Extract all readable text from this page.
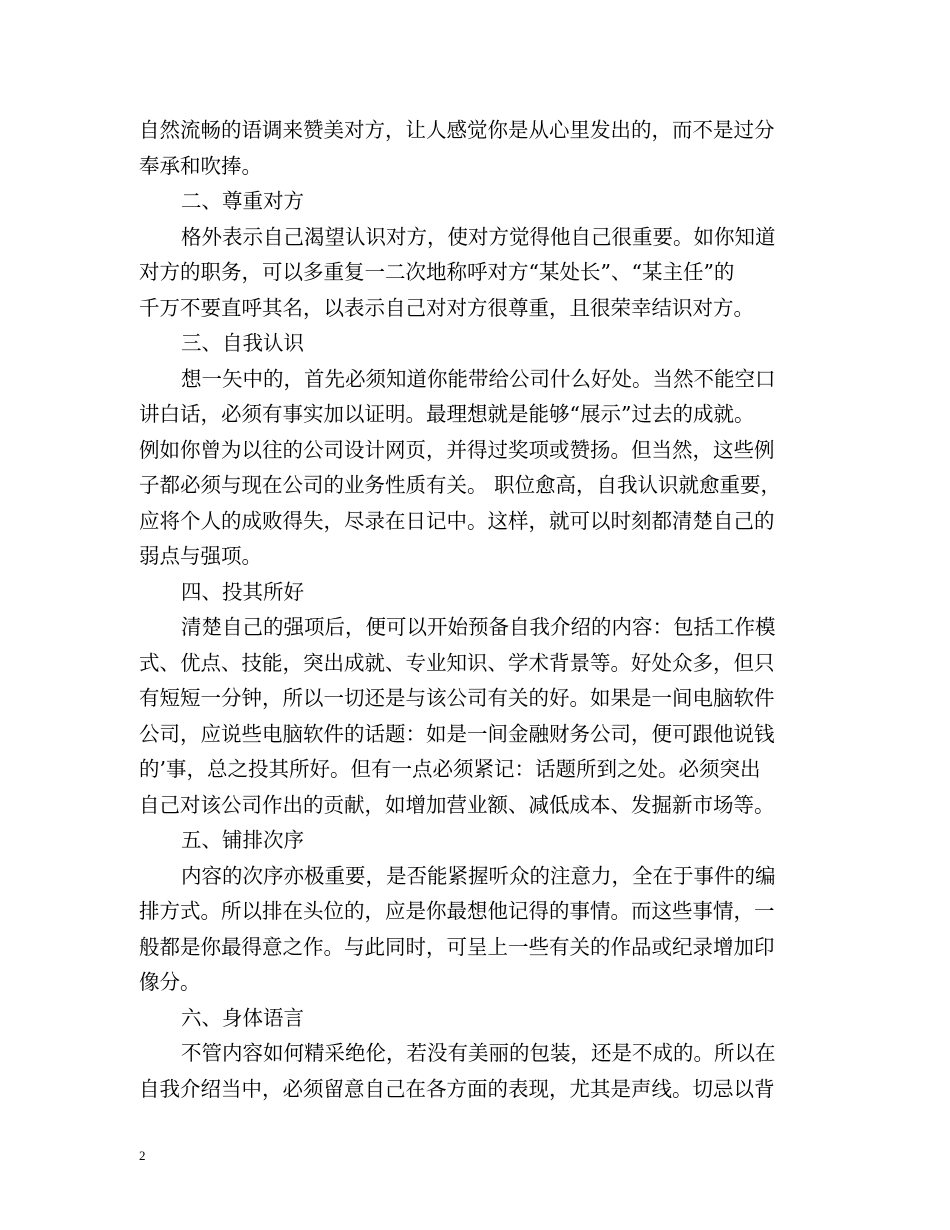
自然流畅的语调来赞美对方，让人感觉你是从心里发出的，而不是过分
奉承和吹捧。
二、尊重对方
格外表示自己渴望认识对方，使对方觉得他自己很重要。如你知道
对方的职务，可以多重复一二次地称呼对方“某处长”、“某主任”的
千万不要直呼其名，以表示自己对对方很尊重，且很荣幸结识对方。
三、自我认识
想一矢中的，首先必须知道你能带给公司什么好处。当然不能空口
讲白话，必须有事实加以证明。最理想就是能够“展示”过去的成就。
例如你曾为以往的公司设计网页，并得过奖项或赞扬。但当然，这些例
子都必须与现在公司的业务性质有关。 职位愈高，自我认识就愈重要，
应将个人的成败得失，尽录在日记中。这样，就可以时刻都清楚自己的
弱点与强项。
四、投其所好
清楚自己的强项后，便可以开始预备自我介绍的内容：包括工作模
式、优点、技能，突出成就、专业知识、学术背景等。好处众多，但只
有短短一分钟，所以一切还是与该公司有关的好。如果是一间电脑软件
公司，应说些电脑软件的话题：如是一间金融财务公司，便可跟他说钱
的’事，总之投其所好。但有一点必须紧记：话题所到之处。必须突出
自己对该公司作出的贡献，如增加营业额、减低成本、发掘新市场等。
五、铺排次序
内容的次序亦极重要，是否能紧握听众的注意力，全在于事件的编
排方式。所以排在头位的，应是你最想他记得的事情。而这些事情，一
般都是你最得意之作。与此同时，可呈上一些有关的作品或纪录增加印
像分。
六、身体语言
不管内容如何精采绝伦，若没有美丽的包装，还是不成的。所以在
自我介绍当中，必须留意自己在各方面的表现，尤其是声线。切忌以背
2
